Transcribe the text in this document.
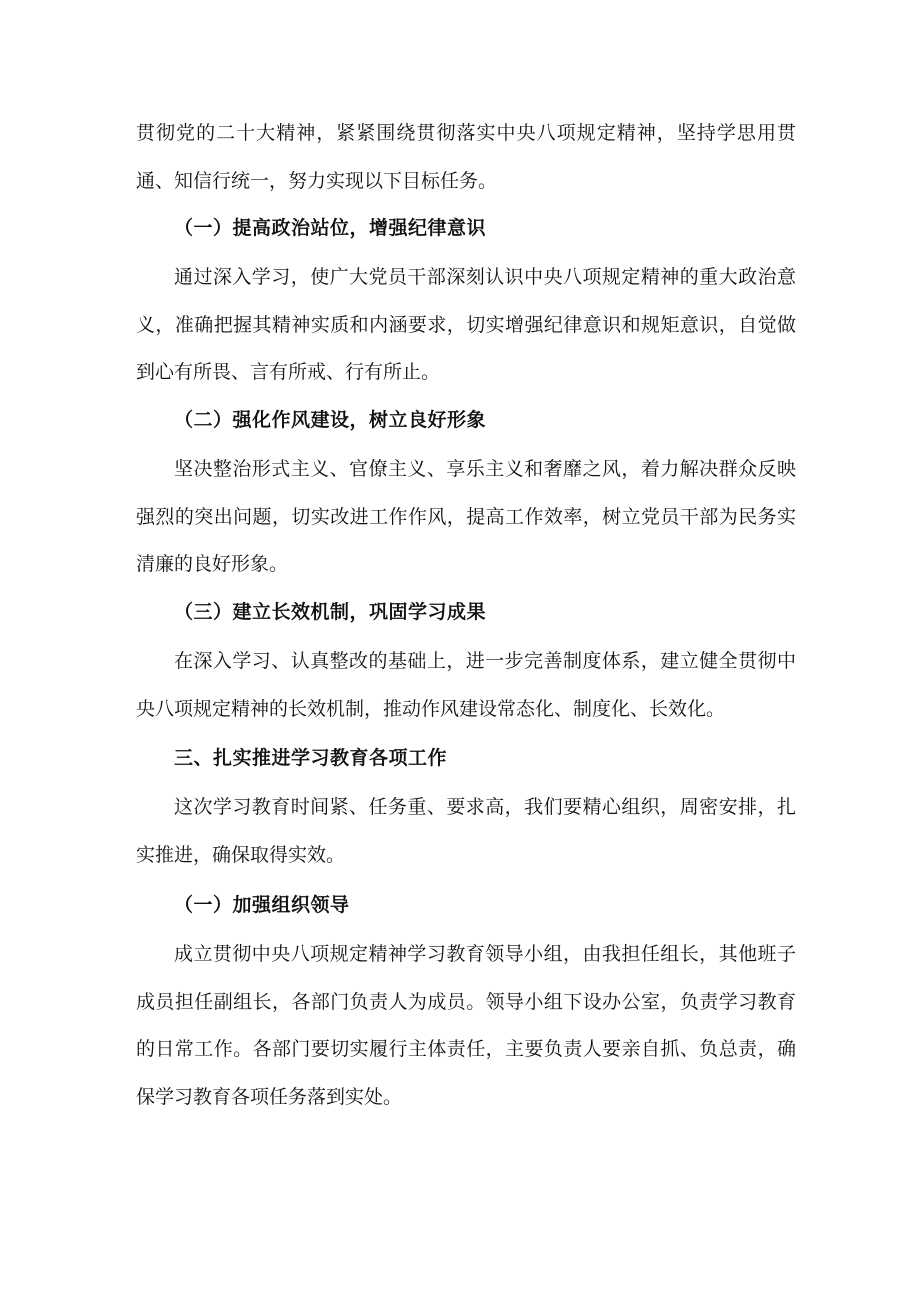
贯彻党的二十大精神，紧紧围绕贯彻落实中央八项规定精神，坚持学思用贯通、知信行统一，努力实现以下目标任务。

（一）提高政治站位，增强纪律意识

通过深入学习，使广大党员干部深刻认识中央八项规定精神的重大政治意义，准确把握其精神实质和内涵要求，切实增强纪律意识和规矩意识，自觉做到心有所畏、言有所戒、行有所止。

（二）强化作风建设，树立良好形象

坚决整治形式主义、官僚主义、享乐主义和奢靡之风，着力解决群众反映强烈的突出问题，切实改进工作作风，提高工作效率，树立党员干部为民务实清廉的良好形象。

（三）建立长效机制，巩固学习成果

在深入学习、认真整改的基础上，进一步完善制度体系，建立健全贯彻中央八项规定精神的长效机制，推动作风建设常态化、制度化、长效化。

三、扎实推进学习教育各项工作

这次学习教育时间紧、任务重、要求高，我们要精心组织，周密安排，扎实推进，确保取得实效。

（一）加强组织领导

成立贯彻中央八项规定精神学习教育领导小组，由我担任组长，其他班子成员担任副组长，各部门负责人为成员。领导小组下设办公室，负责学习教育的日常工作。各部门要切实履行主体责任，主要负责人要亲自抓、负总责，确保学习教育各项任务落到实处。
